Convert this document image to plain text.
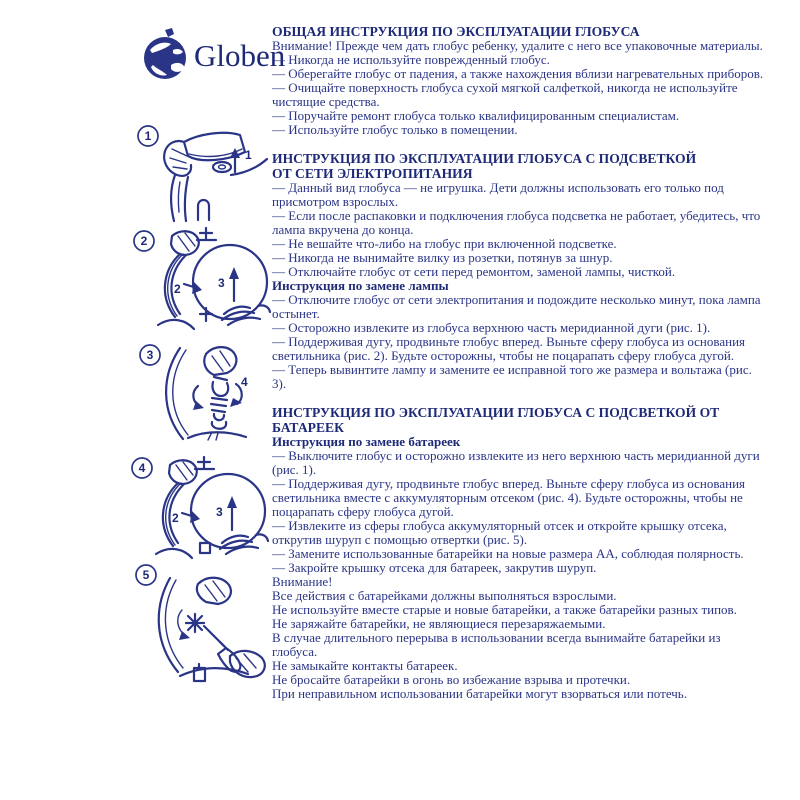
Globen
1
1
2
2	3
3
4
4
2	3
5
ОБЩАЯ ИНСТРУКЦИЯ ПО ЭКСПЛУАТАЦИИ ГЛОБУСА

Внимание! Прежде чем дать глобус ребенку, удалите с него все упаковочные материалы.

— Никогда не используйте поврежденный глобус.

— Оберегайте глобус от падения, а также нахождения вблизи нагревательных приборов.

— Очищайте поверхность глобуса сухой мягкой салфеткой, никогда не используйте чистящие средства.

— Поручайте ремонт глобуса только квалифицированным специалистам.

— Используйте глобус только в помещении.

ИНСТРУКЦИЯ ПО ЭКСПЛУАТАЦИИ ГЛОБУСА С ПОДСВЕТКОЙ
ОТ СЕТИ ЭЛЕКТРОПИТАНИЯ

— Данный вид глобуса — не игрушка. Дети должны использовать его только под присмотром взрослых.

— Если после распаковки и подключения глобуса подсветка не работает, убедитесь, что лампа вкручена до конца.

— Не вешайте что-либо на глобус при включенной подсветке.

— Никогда не вынимайте вилку из розетки, потянув за шнур.

— Отключайте глобус от сети перед ремонтом, заменой лампы, чисткой.

Инструкция по замене лампы

— Отключите глобус от сети электропитания и подождите несколько минут, пока лампа остынет.

— Осторожно извлеките из глобуса верхнюю часть меридианной дуги (рис. 1).

— Поддерживая дугу, продвиньте глобус вперед. Выньте сферу глобуса из основания светильника (рис. 2). Будьте осторожны, чтобы не поцарапать сферу глобуса дугой.

— Теперь вывинтите лампу и замените ее исправной того же размера и вольтажа (рис. 3).

ИНСТРУКЦИЯ ПО ЭКСПЛУАТАЦИИ ГЛОБУСА С ПОДСВЕТКОЙ ОТ
БАТАРЕЕК
Инструкция по замене батареек

— Выключите глобус и осторожно извлеките из него верхнюю часть меридианной дуги (рис. 1).

— Поддерживая дугу, продвиньте глобус вперед. Выньте сферу глобуса из основания светильника вместе с аккумуляторным отсеком (рис. 4). Будьте осторожны, чтобы не поцарапать сферу глобуса дугой.

— Извлеките из сферы глобуса аккумуляторный отсек и откройте крышку отсека, открутив шуруп с помощью отвертки (рис. 5).

— Замените использованные батарейки на новые размера АА, соблюдая полярность.

— Закройте крышку отсека для батареек, закрутив шуруп.

Внимание!

Все действия с батарейками должны выполняться взрослыми.

Не используйте вместе старые и новые батарейки, а также батарейки разных типов.

Не заряжайте батарейки, не являющиеся перезаряжаемыми.

В случае длительного перерыва в использовании всегда вынимайте батарейки из глобуса.

Не замыкайте контакты батареек.

Не бросайте батарейки в огонь во избежание взрыва и протечки.

При неправильном использовании батарейки могут взорваться или потечь.
